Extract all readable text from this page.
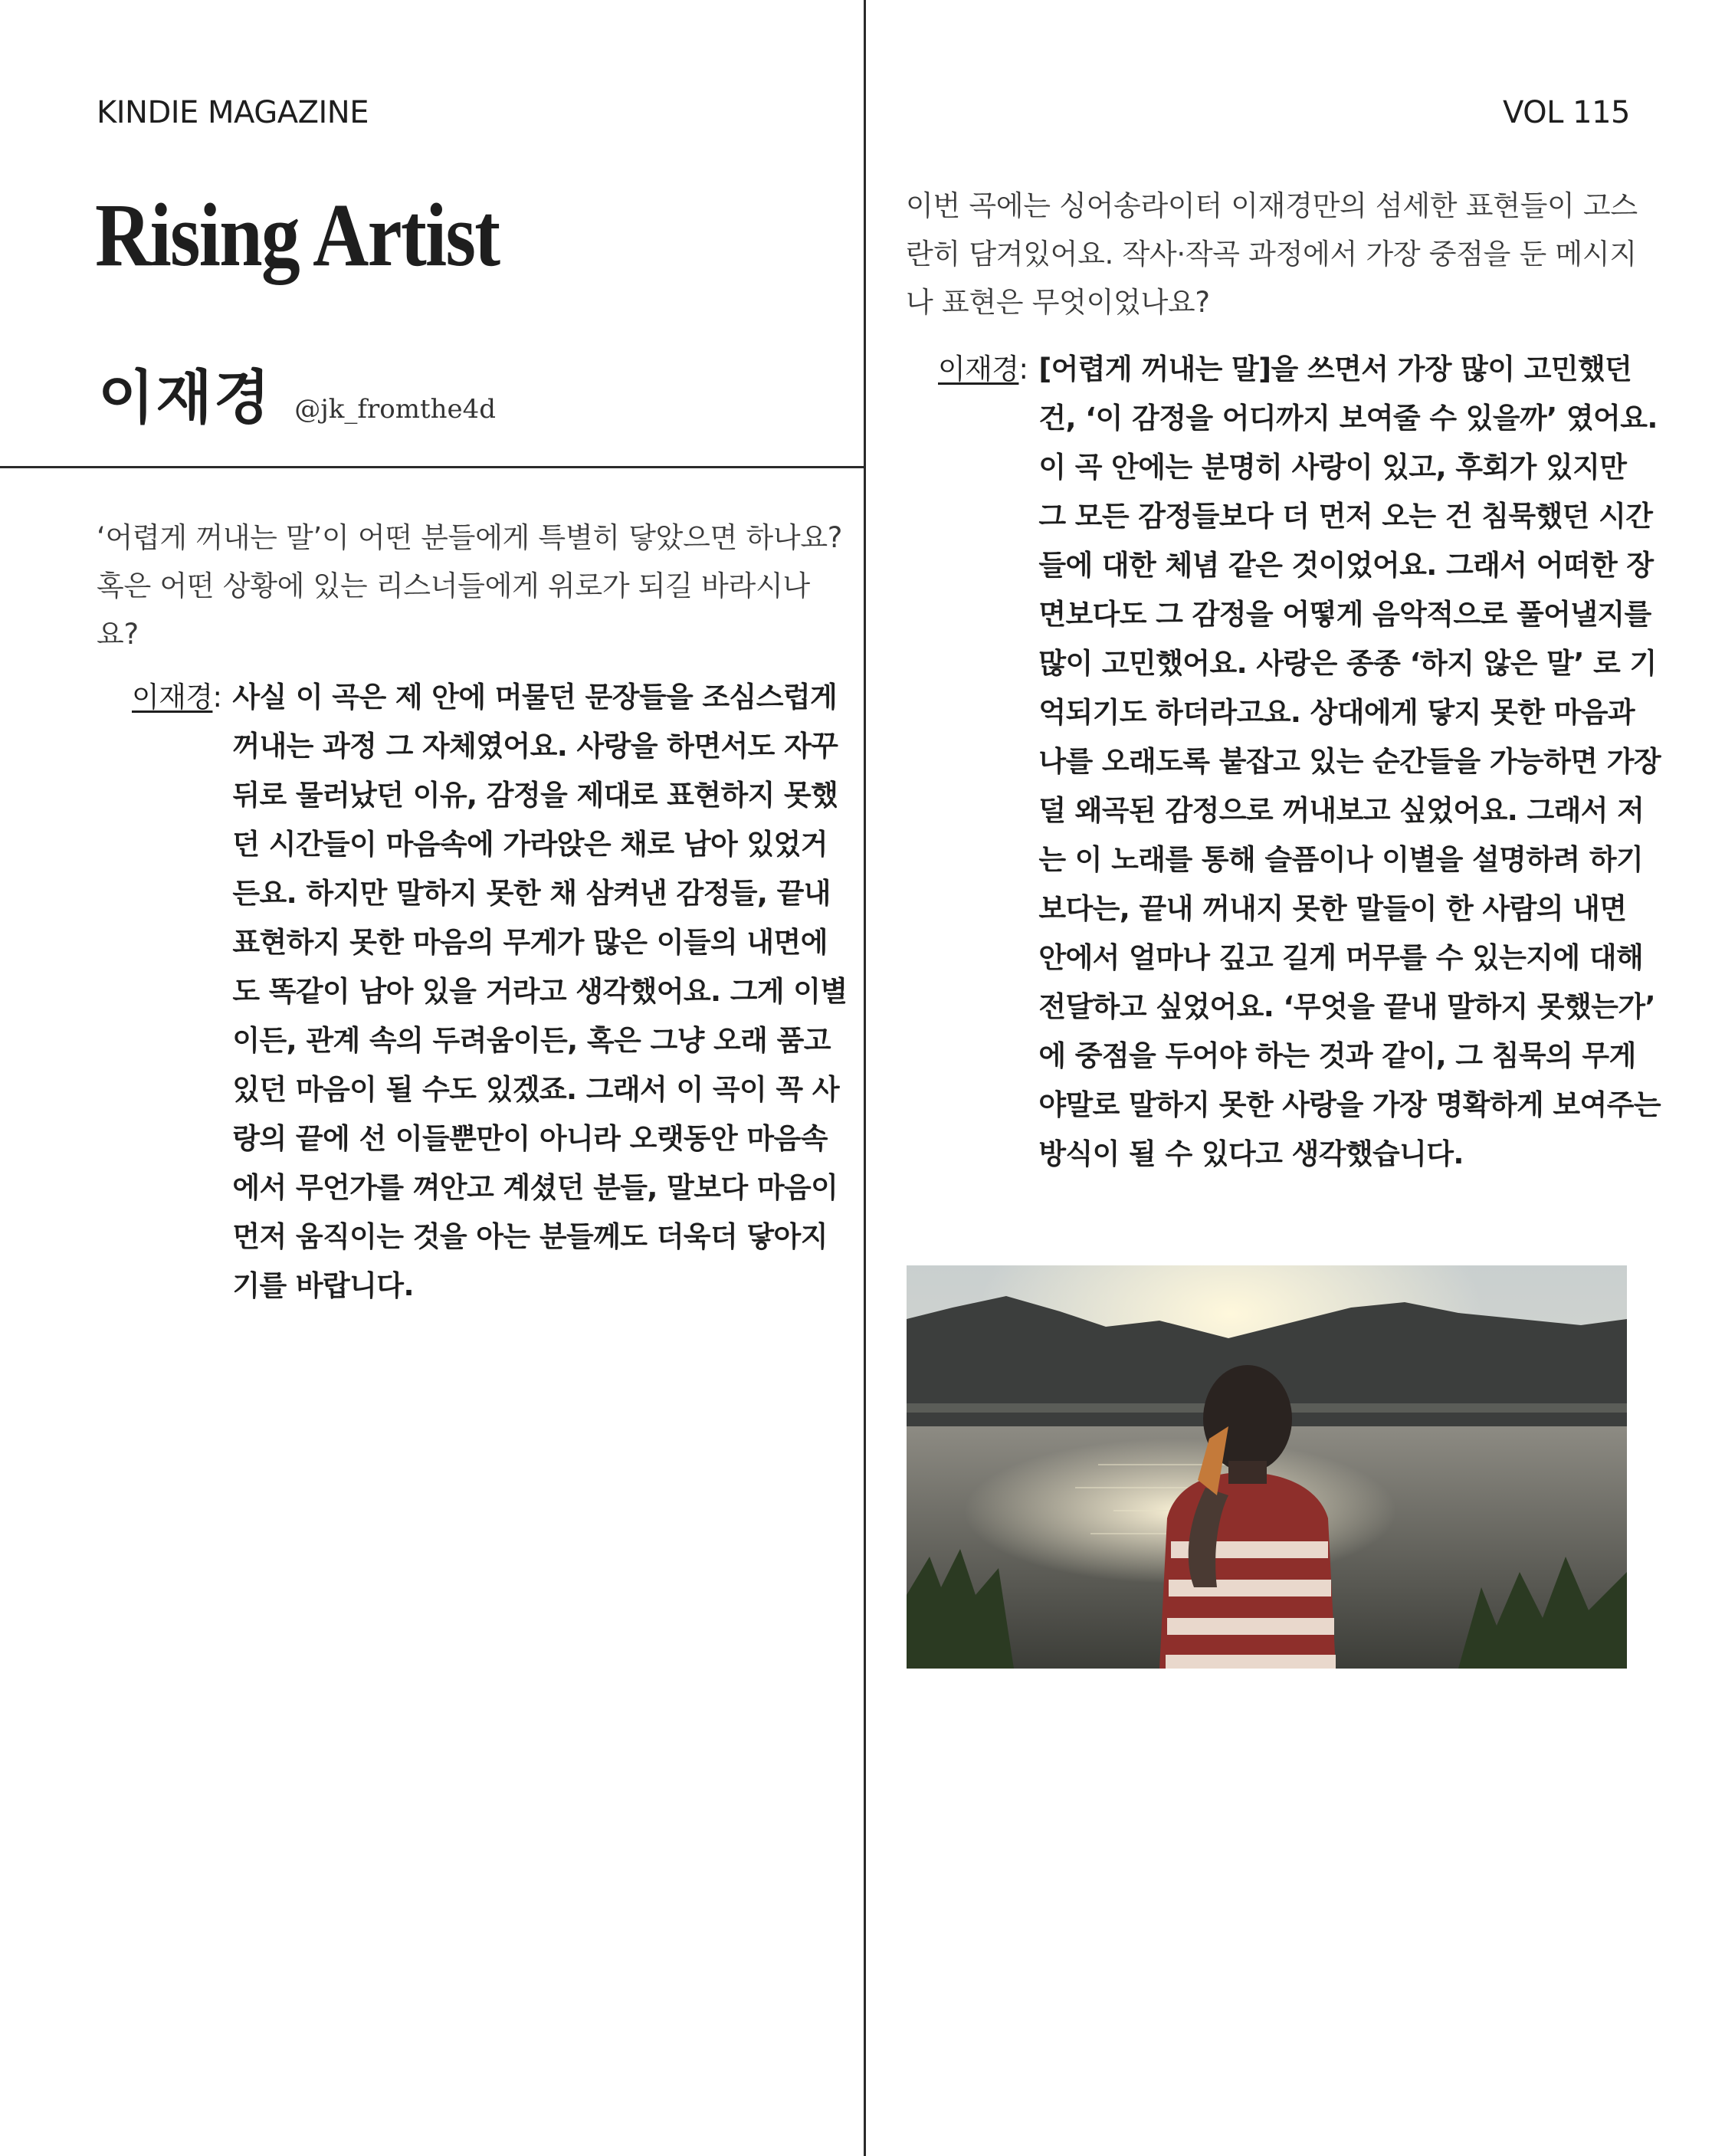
KINDIE MAGAZINE	VOL 115
Rising Artist
이재경 @jk_fromthe4d
‘어렵게 꺼내는 말’이 어떤 분들에게 특별히 닿았으면 하나요? 혹은 어떤 상황에 있는 리스너들에게 위로가 되길 바라시나요?
이재경 : 사실 이 곡은 제 안에 머물던 문장들을 조심스럽게 꺼내는 과정 그 자체였어요. 사랑을 하면서도 자꾸 뒤로 물러났던 이유, 감정을 제대로 표현하지 못했던 시간들이 마음속에 가라앉은 채로 남아 있었거든요. 하지만 말하지 못한 채 삼켜낸 감정들, 끝내 표현하지 못한 마음의 무게가 많은 이들의 내면에도 똑같이 남아 있을 거라고 생각했어요. 그게 이별이든, 관계 속의 두려움이든, 혹은 그냥 오래 품고 있던 마음이 될 수도 있겠죠. 그래서 이 곡이 꼭 사랑의 끝에 선 이들뿐만이 아니라 오랫동안 마음속에서 무언가를 껴안고 계셨던 분들, 말보다 마음이 먼저 움직이는 것을 아는 분들께도 더욱더 닿아지기를 바랍니다.
이번 곡에는 싱어송라이터 이재경만의 섬세한 표현들이 고스란히 담겨있어요. 작사·작곡 과정에서 가장 중점을 둔 메시지나 표현은 무엇이었나요?
이재경 : [어렵게 꺼내는 말]을 쓰면서 가장 많이 고민했던 건, ‘이 감정을 어디까지 보여줄 수 있을까’ 였어요. 이 곡 안에는 분명히 사랑이 있고, 후회가 있지만 그 모든 감정들보다 더 먼저 오는 건 침묵했던 시간들에 대한 체념 같은 것이었어요. 그래서 어떠한 장면보다도 그 감정을 어떻게 음악적으로 풀어낼지를 많이 고민했어요. 사랑은 종종 ‘하지 않은 말’ 로 기억되기도 하더라고요. 상대에게 닿지 못한 마음과 나를 오래도록 붙잡고 있는 순간들을 가능하면 가장 덜 왜곡된 감정으로 꺼내보고 싶었어요. 그래서 저는 이 노래를 통해 슬픔이나 이별을 설명하려 하기보다는, 끝내 꺼내지 못한 말들이 한 사람의 내면 안에서 얼마나 깊고 길게 머무를 수 있는지에 대해 전달하고 싶었어요. ‘무엇을 끝내 말하지 못했는가’ 에 중점을 두어야 하는 것과 같이, 그 침묵의 무게야말로 말하지 못한 사랑을 가장 명확하게 보여주는 방식이 될 수 있다고 생각했습니다.
